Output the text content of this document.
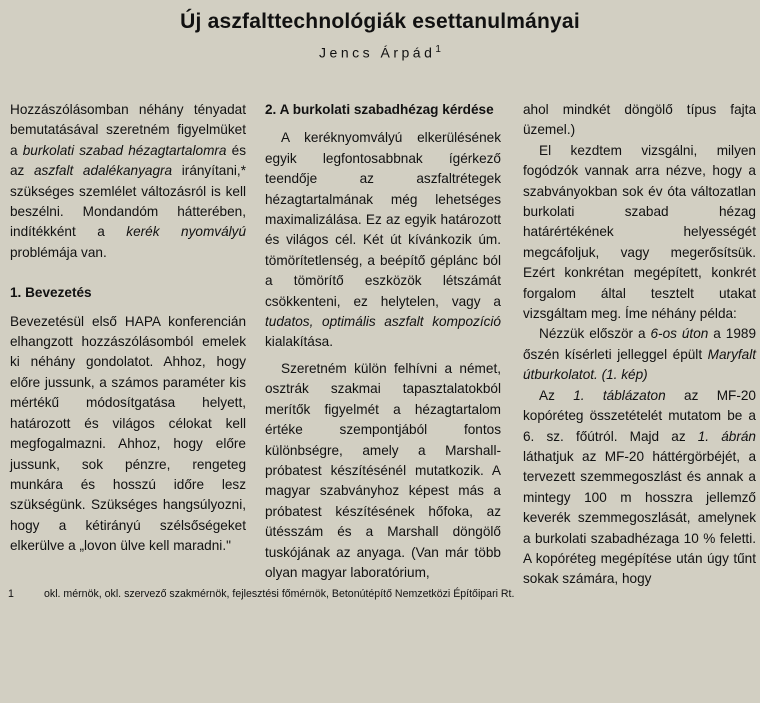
Új aszfalttechnológiák esettanulmányai
Jencs Árpád$^1$

Hozzászólásomban néhány tényadat bemutatásával szeretném figyelmüket a burkolati szabad hézagtartalomra és az aszfalt adalékanyagra irányítani,* szükséges szemlélet változásról is kell beszélni. Mondandóm hátterében, indítékként a kerék nyomvályú problémája van.

1. Bevezetés

Bevezetésül első HAPA konferencián elhangzott hozzászólásomból emelek ki néhány gondolatot. Ahhoz, hogy előre jussunk, a számos paraméter kis mértékű módosítgatása helyett, határozott és világos célokat kell megfogalmazni. Ahhoz, hogy előre jussunk, sok pénzre, rengeteg munkára és hosszú időre lesz szükségünk. Szükséges hangsúlyozni, hogy a kétirányú szélsőségeket elkerülve a „lovon ülve kell maradni."

2. A burkolati szabadhézag kérdése

A keréknyomvályú elkerülésének egyik legfontosabbnak ígérkező teendője az aszfaltrétegek hézagtartalmának még lehetséges maximalizálása. Ez az egyik határozott és világos cél. Két út kívánkozik úm. tömörítetlenség, a beépítő géplánc ból a tömörítő eszközök létszámát csökkenteni, ez helytelen, vagy a tudatos, optimális aszfalt kompozíció kialakítása.

Szeretném külön felhívni a német, osztrák szakmai tapasztalatokból merítők figyelmét a hézagtartalom értéke szempontjából fontos különbségre, amely a Marshall-próbatest készítésénél mutatkozik. A magyar szabványhoz képest más a próbatest készítésének hőfoka, az ütésszám és a Marshall döngölő tuskójának az anyaga. (Van már több olyan magyar laboratórium,

ahol mindkét döngölő típus fajta üzemel.)

El kezdtem vizsgálni, milyen fogódzók vannak arra nézve, hogy a szabványokban sok év óta változatlan burkolati szabad hézag határértékének helyességét megcáfoljuk, vagy megerősítsük. Ezért konkrétan megépített, konkrét forgalom által tesztelt utakat vizsgáltam meg. Íme néhány példa:

Nézzük először a 6-os úton a 1989 őszén kísérleti jelleggel épült Maryfalt útburkolatot. (1. kép)

Az 1. táblázaton az MF-20 kopóréteg összetételét mutatom be a 6. sz. főútról. Majd az 1. ábrán láthatjuk az MF-20 háttérgörbéjét, a tervezett szemmegoszlást és annak a mintegy 100 m hosszra jellemző keverék szemmegoszlását, amelynek a burkolati szabadhézaga 10 % feletti. A kopóréteg megépítése után úgy tűnt sokak számára, hogy

1	okl. mérnök, okl. szervező szakmérnök, fejlesztési főmérnök, Betonútépítő Nemzetközi Építőipari Rt.
